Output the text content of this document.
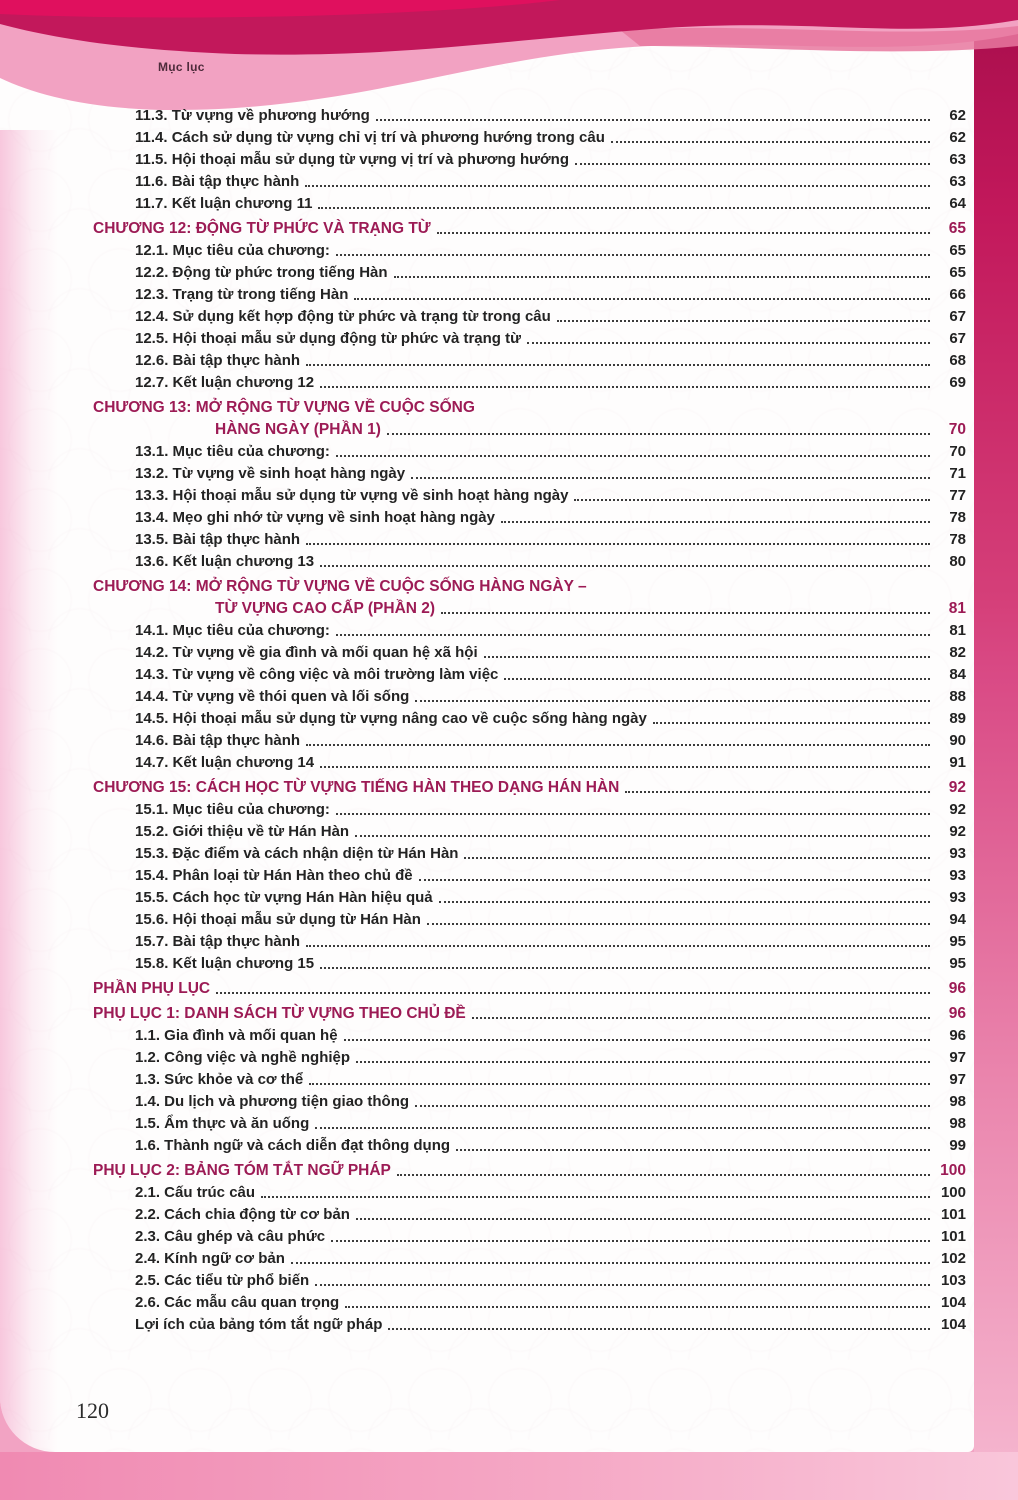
Mục lục
11.3. Từ vựng về phương hướng	62
11.4. Cách sử dụng từ vựng chỉ vị trí và phương hướng trong câu	62
11.5. Hội thoại mẫu sử dụng từ vựng vị trí và phương hướng	63
11.6. Bài tập thực hành	63
11.7. Kết luận chương 11	64
CHƯƠNG 12: ĐỘNG TỪ PHỨC VÀ TRẠNG TỪ	65
12.1. Mục tiêu của chương:	65
12.2. Động từ phức trong tiếng Hàn	65
12.3. Trạng từ trong tiếng Hàn	66
12.4. Sử dụng kết hợp động từ phức và trạng từ trong câu	67
12.5. Hội thoại mẫu sử dụng động từ phức và trạng từ	67
12.6. Bài tập thực hành	68
12.7. Kết luận chương 12	69
CHƯƠNG 13: MỞ RỘNG TỪ VỰNG VỀ CUỘC SỐNG
HÀNG NGÀY (PHẦN 1)	70
13.1. Mục tiêu của chương:	70
13.2. Từ vựng về sinh hoạt hàng ngày	71
13.3. Hội thoại mẫu sử dụng từ vựng về sinh hoạt hàng ngày	77
13.4. Mẹo ghi nhớ từ vựng về sinh hoạt hàng ngày	78
13.5. Bài tập thực hành	78
13.6. Kết luận chương 13	80
CHƯƠNG 14: MỞ RỘNG TỪ VỰNG VỀ CUỘC SỐNG HÀNG NGÀY –
TỪ VỰNG CAO CẤP (PHẦN 2)	81
14.1. Mục tiêu của chương:	81
14.2. Từ vựng về gia đình và mối quan hệ xã hội	82
14.3. Từ vựng về công việc và môi trường làm việc	84
14.4. Từ vựng về thói quen và lối sống	88
14.5. Hội thoại mẫu sử dụng từ vựng nâng cao về cuộc sống hàng ngày	89
14.6. Bài tập thực hành	90
14.7. Kết luận chương 14	91
CHƯƠNG 15: CÁCH HỌC TỪ VỰNG TIẾNG HÀN THEO DẠNG HÁN HÀN	92
15.1. Mục tiêu của chương:	92
15.2. Giới thiệu về từ Hán Hàn	92
15.3. Đặc điểm và cách nhận diện từ Hán Hàn	93
15.4. Phân loại từ Hán Hàn theo chủ đề	93
15.5. Cách học từ vựng Hán Hàn hiệu quả	93
15.6. Hội thoại mẫu sử dụng từ Hán Hàn	94
15.7. Bài tập thực hành	95
15.8. Kết luận chương 15	95
PHẦN PHỤ LỤC	96
PHỤ LỤC 1: DANH SÁCH TỪ VỰNG THEO CHỦ ĐỀ	96
1.1. Gia đình và mối quan hệ	96
1.2. Công việc và nghề nghiệp	97
1.3. Sức khỏe và cơ thể	97
1.4. Du lịch và phương tiện giao thông	98
1.5. Ẩm thực và ăn uống	98
1.6. Thành ngữ và cách diễn đạt thông dụng	99
PHỤ LỤC 2: BẢNG TÓM TẮT NGỮ PHÁP	100
2.1. Cấu trúc câu	100
2.2. Cách chia động từ cơ bản	101
2.3. Câu ghép và câu phức	101
2.4. Kính ngữ cơ bản	102
2.5. Các tiểu từ phổ biến	103
2.6. Các mẫu câu quan trọng	104
Lợi ích của bảng tóm tắt ngữ pháp	104
120
